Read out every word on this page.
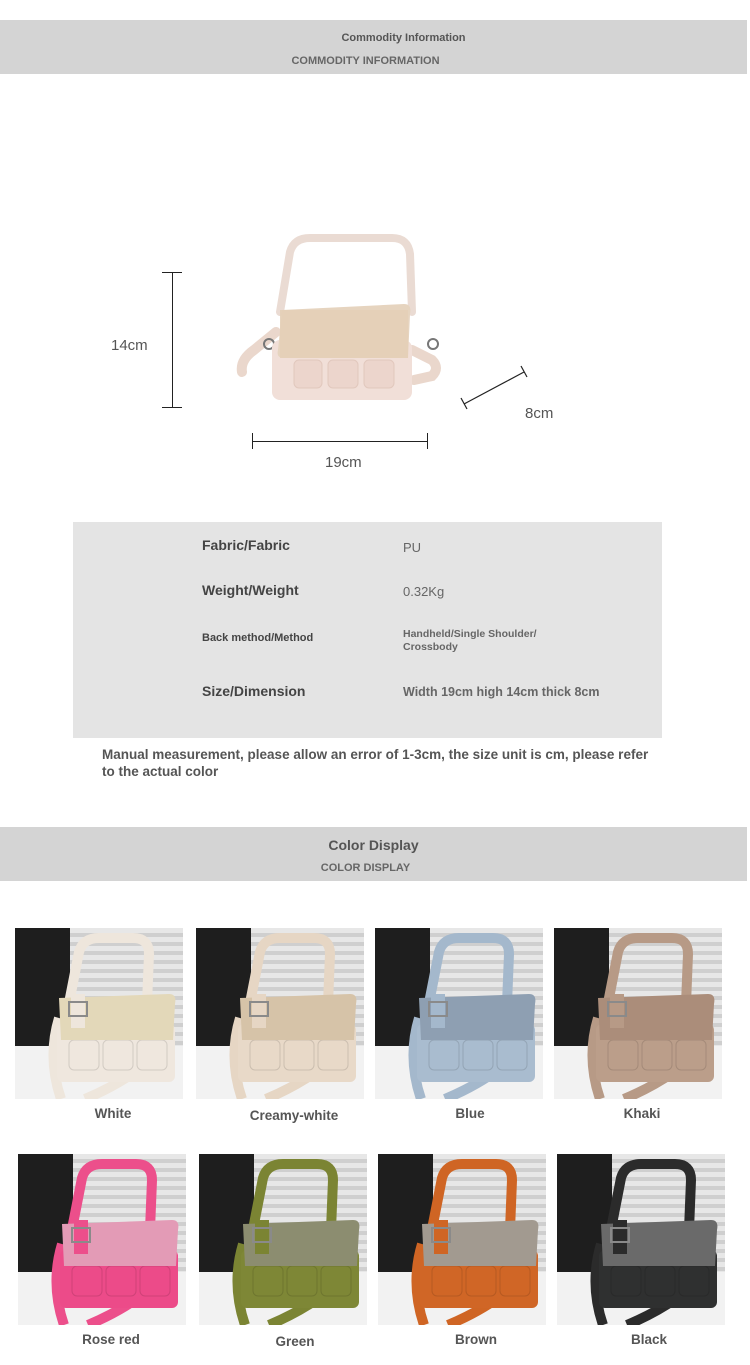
Commodity Information
COMMODITY INFORMATION
14cm
19cm
8cm
Fabric/Fabric	PU
Weight/Weight	0.32Kg
Back method/Method	Handheld/Single Shoulder/
Crossbody
Size/Dimension	Width 19cm high 14cm thick 8cm
Manual measurement, please allow an error of 1-3cm, the size unit is cm, please refer to the actual color
Color Display
COLOR DISPLAY
White	Creamy-white	Blue	Khaki
Rose red	Green	Brown	Black
